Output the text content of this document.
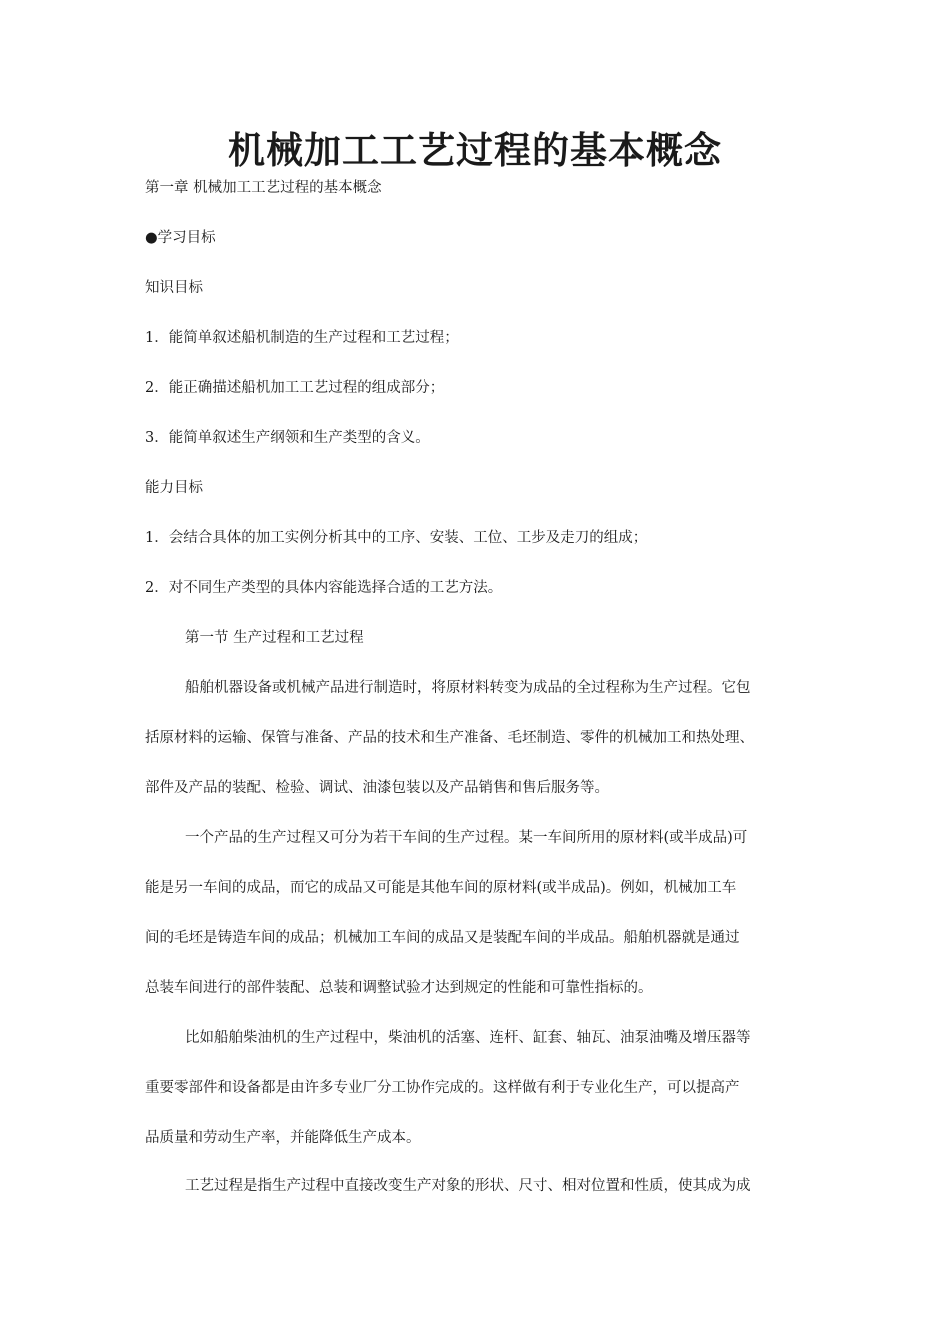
机械加工工艺过程的基本概念

第一章 机械加工工艺过程的基本概念

●学习目标

知识目标

1．能简单叙述船机制造的生产过程和工艺过程；

2．能正确描述船机加工工艺过程的组成部分；

3．能简单叙述生产纲领和生产类型的含义。

能力目标

1．会结合具体的加工实例分析其中的工序、安装、工位、工步及走刀的组成；

2．对不同生产类型的具体内容能选择合适的工艺方法。

第一节 生产过程和工艺过程

船舶机器设备或机械产品进行制造时，将原材料转变为成品的全过程称为生产过程。它包

括原材料的运输、保管与准备、产品的技术和生产准备、毛坯制造、零件的机械加工和热处理、

部件及产品的装配、检验、调试、油漆包装以及产品销售和售后服务等。

一个产品的生产过程又可分为若干车间的生产过程。某一车间所用的原材料(或半成品)可

能是另一车间的成品，而它的成品又可能是其他车间的原材料(或半成品)。例如，机械加工车

间的毛坯是铸造车间的成品；机械加工车间的成品又是装配车间的半成品。船舶机器就是通过

总装车间进行的部件装配、总装和调整试验才达到规定的性能和可靠性指标的。

比如船舶柴油机的生产过程中，柴油机的活塞、连杆、缸套、轴瓦、油泵油嘴及增压器等

重要零部件和设备都是由许多专业厂分工协作完成的。这样做有利于专业化生产，可以提高产

品质量和劳动生产率，并能降低生产成本。

工艺过程是指生产过程中直接改变生产对象的形状、尺寸、相对位置和性质，使其成为成
